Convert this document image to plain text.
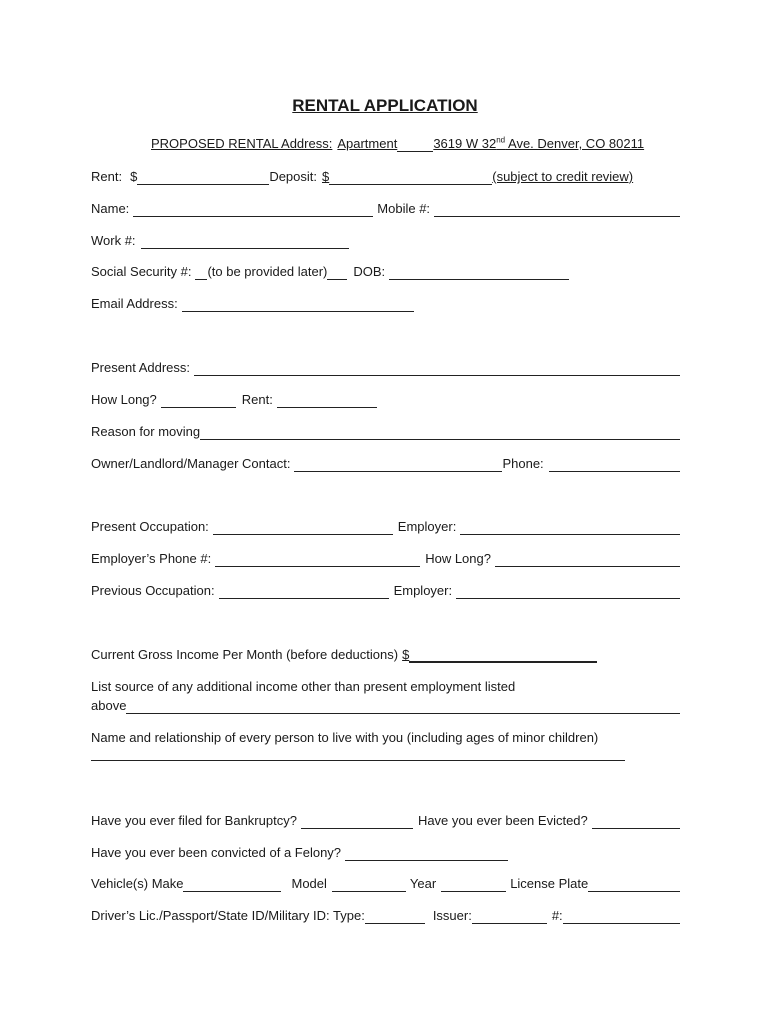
RENTAL APPLICATION
PROPOSED RENTAL Address: Apartment	3619 W 32nd Ave. Denver, CO 80211
Rent: $	Deposit: $	(subject to credit review)
Name:	Mobile #:
Work #:
Social Security #: (to be provided later) DOB:
Email Address:
Present Address:
How Long?	Rent:
Reason for moving
Owner/Landlord/Manager Contact:	Phone:
Present Occupation:	Employer:
Employer’s Phone #:	How Long?
Previous Occupation:	Employer:
Current Gross Income Per Month (before deductions) $
List source of any additional income other than present employment listed
above
Name and relationship of every person to live with you (including ages of minor children)
Have you ever filed for Bankruptcy?	Have you ever been Evicted?
Have you ever been convicted of a Felony?
Vehicle(s) Make	Model	Year	License Plate
Driver’s Lic./Passport/State ID/Military ID: Type:	Issuer:	#:
